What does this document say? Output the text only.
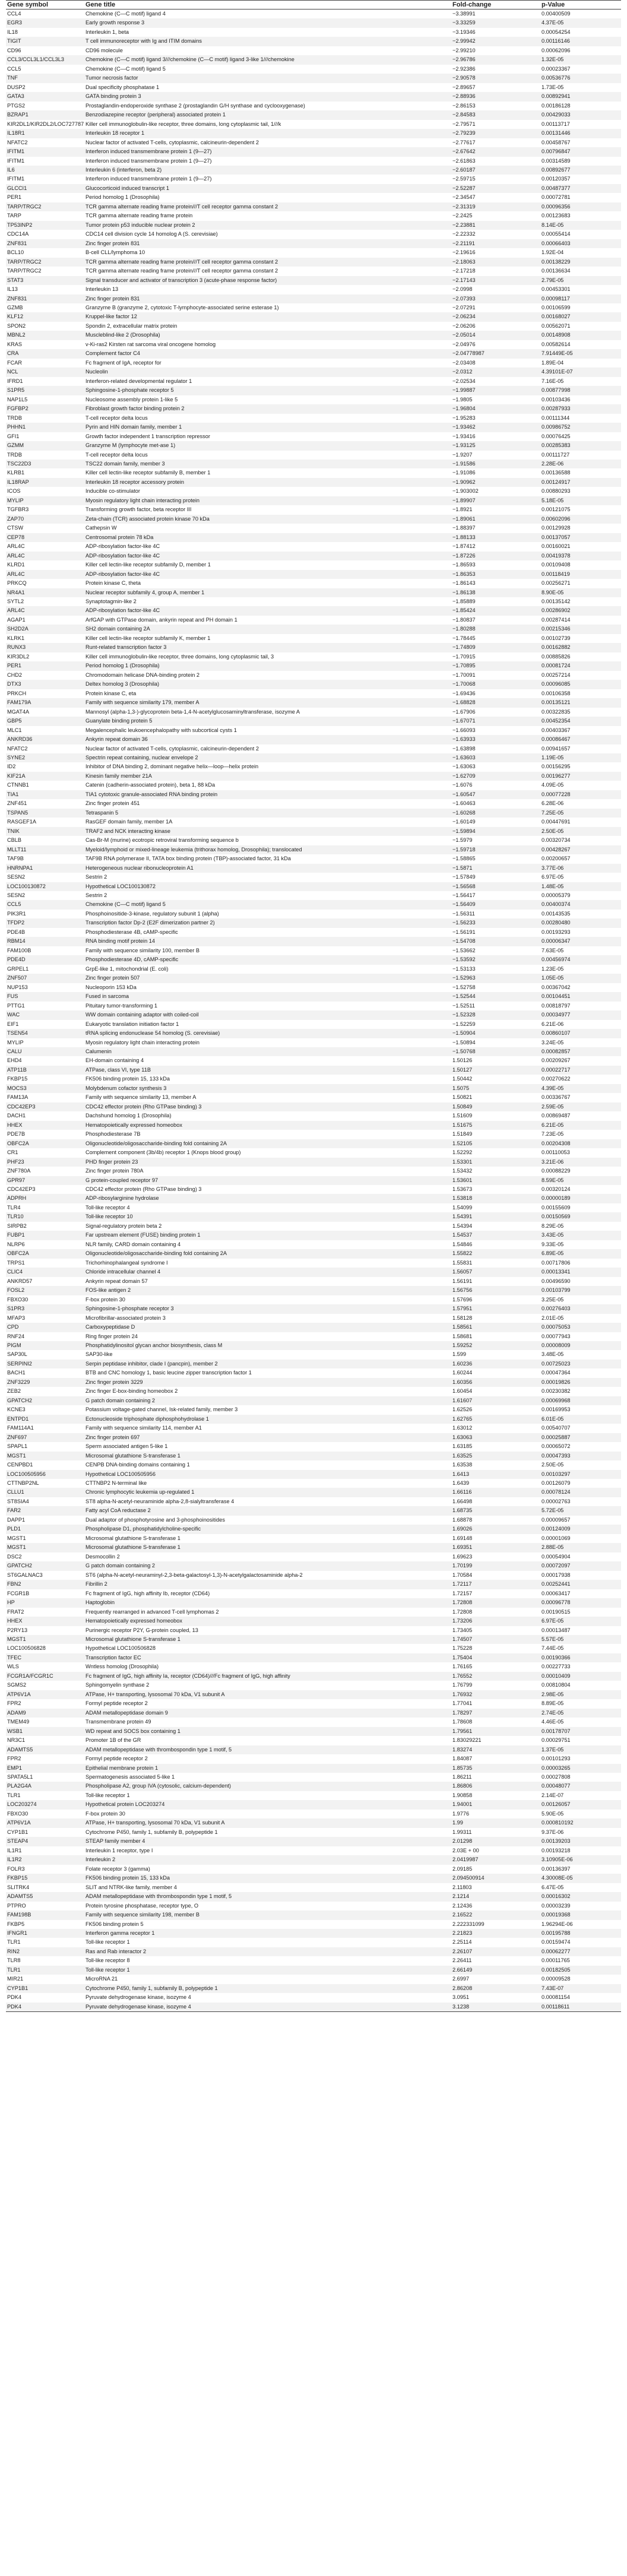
Gene symbol	Gene title	Fold-change	p-Value
CCL4	Chemokine (C—C motif) ligand 4	−3.38991	0.00400509
EGR3	Early growth response 3	−3.33259	4.37E-05
IL18	Interleukin 1, beta	−3.19346	0.00054254
TIGIT	T cell immunoreceptor with Ig and ITIM domains	−2.99942	0.00116146
CD96	CD96 molecule	−2.99210	0.00062096
CCL3/CCL3L1/CCL3L3	Chemokine (C—C motif) ligand 3///chemokine (C—C motif) ligand 3-like 1///chemokine	−2.96786	1.32E-05
CCL5	Chemokine (C—C motif) ligand 5	−2.92386	0.00023367
TNF	Tumor necrosis factor	−2.90578	0.00536776
DUSP2	Dual specificity phosphatase 1	−2.89657	1.73E-05
GATA3	GATA binding protein 3	−2.88936	0.00892941
PTGS2	Prostaglandin-endoperoxide synthase 2 (prostaglandin G/H synthase and cyclooxygenase)	−2.86153	0.00186128
BZRAP1	Benzodiazepine receptor (peripheral) associated protein 1	−2.84583	0.00429033
KIR2DL1/KIR2DL2/LOC727787	Killer cell immunoglobulin-like receptor, three domains, long cytoplasmic tail, 1///k	−2.79571	0.00113717
IL18R1	Interleukin 18 receptor 1	−2.79239	0.00131446
NFATC2	Nuclear factor of activated T-cells, cytoplasmic, calcineurin-dependent 2	−2.77617	0.00458767
IFITM1	Interferon induced transmembrane protein 1 (9—27)	−2.67642	0.00796847
IFITM1	Interferon induced transmembrane protein 1 (9—27)	−2.61863	0.00314589
IL6	Interleukin 6 (interferon, beta 2)	−2.60187	0.00892677
IFITM1	Interferon induced transmembrane protein 1 (9—27)	−2.59715	0.00120357
GLCCI1	Glucocorticoid induced transcript 1	−2.52287	0.00487377
PER1	Period homolog 1 (Drosophila)	−2.34547	0.00072781
TARP/TRGC2	TCR gamma alternate reading frame protein///T cell receptor gamma constant 2	−2.31319	0.00096356
TARP	TCR gamma alternate reading frame protein	−2.2425	0.00123683
TP53INP2	Tumor protein p53 inducible nuclear protein 2	−2.23881	8.14E-05
CDC14A	CDC14 cell division cycle 14 homolog A (S. cerevisiae)	−2.22332	0.00055414
ZNF831	Zinc finger protein 831	−2.21191	0.00066403
BCL10	B-cell CLL/lymphoma 10	−2.19616	1.92E-04
TARP/TRGC2	TCR gamma alternate reading frame protein///T cell receptor gamma constant 2	−2.18063	0.00138229
TARP/TRGC2	TCR gamma alternate reading frame protein///T cell receptor gamma constant 2	−2.17218	0.00136634
STAT3	Signal transducer and activator of transcription 3 (acute-phase response factor)	−2.17143	2.79E-05
IL13	Interleukin 13	−2.0998	0.00453301
ZNF831	Zinc finger protein 831	−2.07393	0.00098117
GZMB	Granzyme B (granzyme 2, cytotoxic T-lymphocyte-associated serine esterase 1)	−2.07291	0.00106599
KLF12	Kruppel-like factor 12	−2.06234	0.00168027
SPON2	Spondin 2, extracellular matrix protein	−2.06206	0.00562071
MBNL2	Muscleblind-like 2 (Drosophila)	−2.05014	0.00148908
KRAS	v-Ki-ras2 Kirsten rat sarcoma viral oncogene homolog	−2.04976	0.00582614
CRA	Complement factor C4	−2.04778987	7.91449E-05
FCAR	Fc fragment of IgA, receptor for	−2.03408	1.89E-04
NCL	Nucleolin	−2.0312	4.39101E-07
IFRD1	Interferon-related developmental regulator 1	−2.02534	7.16E-05
S1PR5	Sphingosine-1-phosphate receptor 5	−1.99887	0.00877998
NAP1L5	Nucleosome assembly protein 1-like 5	−1.9805	0.00103436
FGFBP2	Fibroblast growth factor binding protein 2	−1.96804	0.00287933
TRDB	T-cell receptor delta locus	−1.95283	0.00111344
PHHN1	Pyrin and HIN domain family, member 1	−1.93462	0.00986752
GFI1	Growth factor independent 1 transcription repressor	−1.93416	0.00076425
GZMM	Granzyme M (lymphocyte met-ase 1)	−1.93125	0.00285383
TRDB	T-cell receptor delta locus	−1.9207	0.00111727
TSC22D3	TSC22 domain family, member 3	−1.91586	2.28E-06
KLRB1	Killer cell lectin-like receptor subfamily B, member 1	−1.91086	0.00136588
IL18RAP	Interleukin 18 receptor accessory protein	−1.90962	0.00124917
ICOS	Inducible co-stimulator	−1.903002	0.00880293
MYLIP	Myosin regulatory light chain interacting protein	−1.89907	5.18E-05
TGFBR3	Transforming growth factor, beta receptor III	−1.8921	0.00121075
ZAP70	Zeta-chain (TCR) associated protein kinase 70 kDa	−1.89061	0.00602096
CTSW	Cathepsin W	−1.88397	0.00129928
CEP78	Centrosomal protein 78 kDa	−1.88133	0.00137057
ARL4C	ADP-ribosylation factor-like 4C	−1.87412	0.00160021
ARL4C	ADP-ribosylation factor-like 4C	−1.87226	0.00419378
KLRD1	Killer cell lectin-like receptor subfamily D, member 1	−1.86593	0.00109408
ARL4C	ADP-ribosylation factor-like 4C	−1.86353	0.00118419
PRKCQ	Protein kinase C, theta	−1.86143	0.00256271
NR4A1	Nuclear receptor subfamily 4, group A, member 1	−1.86138	8.90E-05
SYTL2	Synaptotagmin-like 2	−1.85889	0.00135142
ARL4C	ADP-ribosylation factor-like 4C	−1.85424	0.00286902
AGAP1	ArfGAP with GTPase domain, ankyrin repeat and PH domain 1	−1.80837	0.00287414
SH2D2A	SH2 domain containing 2A	−1.80288	0.00215346
KLRK1	Killer cell lectin-like receptor subfamily K, member 1	−1.78445	0.00102739
RUNX3	Runt-related transcription factor 3	−1.74809	0.00162882
KIR3DL2	Killer cell immunoglobulin-like receptor, three domains, long cytoplasmic tail, 3	−1.70915	0.00885826
PER1	Period homolog 1 (Drosophila)	−1.70895	0.00081724
CHD2	Chromodomain helicase DNA-binding protein 2	−1.70091	0.00257214
DTX3	Deltex homolog 3 (Drosophila)	−1.70068	0.00096085
PRKCH	Protein kinase C, eta	−1.69436	0.00106358
FAM179A	Family with sequence similarity 179, member A	−1.68828	0.00135121
MGAT4A	Mannosyl (alpha-1,3-)-glycoprotein beta-1,4-N-acetylglucosaminyltransferase, isozyme A	−1.67906	0.00322835
GBP5	Guanylate binding protein 5	−1.67071	0.00452354
MLC1	Megalencephalic leukoencephalopathy with subcortical cysts 1	−1.66093	0.00403367
ANKRD36	Ankyrin repeat domain 36	−1.63933	0.00086467
NFATC2	Nuclear factor of activated T-cells, cytoplasmic, calcineurin-dependent 2	−1.63898	0.00941657
SYNE2	Spectrin repeat containing, nuclear envelope 2	−1.63603	1.19E-05
ID2	Inhibitor of DNA binding 2, dominant negative helix—loop—helix protein	−1.63063	0.00156295
KIF21A	Kinesin family member 21A	−1.62709	0.00196277
CTNNB1	Catenin (cadherin-associated protein), beta 1, 88 kDa	−1.6076	4.09E-05
TIA1	TIA1 cytotoxic granule-associated RNA binding protein	−1.60547	0.00077228
ZNF451	Zinc finger protein 451	−1.60463	6.28E-06
TSPAN5	Tetraspanin 5	−1.60268	7.25E-05
RASGEF1A	RasGEF domain family, member 1A	−1.60149	0.00447691
TNIK	TRAF2 and NCK interacting kinase	−1.59894	2.50E-05
CBLB	Cas-Br-M (murine) ecotropic retroviral transforming sequence b	−1.5979	0.00320734
MLLT11	Myeloid/lymphoid or mixed-lineage leukemia (trithorax homolog, Drosophila); translocated	−1.59718	0.00428267
TAF9B	TAF9B RNA polymerase II, TATA box binding protein (TBP)-associated factor, 31 kDa	−1.58865	0.00200657
HNRNPA1	Heterogeneous nuclear ribonucleoprotein A1	−1.5871	3.77E-06
SESN2	Sestrin 2	−1.57849	6.97E-05
LOC100130872	Hypothetical LOC100130872	−1.56568	1.48E-05
SESN2	Sestrin 2	−1.56417	0.00005379
CCL5	Chemokine (C—C motif) ligand 5	−1.56409	0.00400374
PIK3R1	Phosphoinositide-3-kinase, regulatory subunit 1 (alpha)	−1.56311	0.00143535
TFDP2	Transcription factor Dp-2 (E2F dimerization partner 2)	−1.56233	0.00280480
PDE4B	Phosphodiesterase 4B, cAMP-specific	−1.56191	0.00193293
RBM14	RNA binding motif protein 14	−1.54708	0.00006347
FAM100B	Family with sequence similarity 100, member B	−1.53662	7.63E-05
PDE4D	Phosphodiesterase 4D, cAMP-specific	−1.53592	0.00456974
GRPEL1	GrpE-like 1, mitochondrial (E. coli)	−1.53133	1.23E-05
ZNF507	Zinc finger protein 507	−1.52963	1.05E-05
NUP153	Nucleoporin 153 kDa	−1.52758	0.00367042
FUS	Fused in sarcoma	−1.52544	0.00104451
PTTG1	Pituitary tumor-transforming 1	−1.52511	0.00818797
WAC	WW domain containing adaptor with coiled-coil	−1.52328	0.00034977
EIF1	Eukaryotic translation initiation factor 1	−1.52259	6.21E-06
TSEN54	tRNA splicing endonuclease 54 homolog (S. cerevisiae)	−1.50904	0.00860107
MYLIP	Myosin regulatory light chain interacting protein	−1.50894	3.24E-05
CALU	Calumenin	−1.50768	0.00082857
EHD4	EH-domain containing 4	1.50126	0.00209267
ATP11B	ATPase, class VI, type 11B	1.50127	0.00022717
FKBP15	FK506 binding protein 15, 133 kDa	1.50442	0.00270622
MOCS3	Molybdenum cofactor synthesis 3	1.5075	4.39E-05
FAM13A	Family with sequence similarity 13, member A	1.50821	0.00336767
CDC42EP3	CDC42 effector protein (Rho GTPase binding) 3	1.50849	2.59E-05
DACH1	Dachshund homolog 1 (Drosophila)	1.51609	0.00869487
HHEX	Hematopoietically expressed homeobox	1.51675	6.21E-05
PDE7B	Phosphodiesterase 7B	1.51849	7.23E-05
OBFC2A	Oligonucleotide/oligosaccharide-binding fold containing 2A	1.52105	0.00204308
CR1	Complement component (3b/4b) receptor 1 (Knops blood group)	1.52292	0.00110053
PHF23	PHD finger protein 23	1.53301	3.21E-06
ZNF780A	Zinc finger protein 780A	1.53432	0.00088229
GPR97	G protein-coupled receptor 97	1.53601	8.59E-05
CDC42EP3	CDC42 effector protein (Rho GTPase binding) 3	1.53673	0.00320124
ADPRH	ADP-ribosylarginine hydrolase	1.53818	0.00000189
TLR4	Toll-like receptor 4	1.54099	0.00155609
TLR10	Toll-like receptor 10	1.54391	0.00150569
SIRPB2	Signal-regulatory protein beta 2	1.54394	8.29E-05
FUBP1	Far upstream element (FUSE) binding protein 1	1.54537	3.43E-05
NLRP6	NLR family, CARD domain containing 4	1.54846	9.33E-05
OBFC2A	Oligonucleotide/oligosaccharide-binding fold containing 2A	1.55822	6.89E-05
TRPS1	Trichorhinophalangeal syndrome I	1.55831	0.00717806
CLIC4	Chloride intracellular channel 4	1.56057	0.00013341
ANKRD57	Ankyrin repeat domain 57	1.56191	0.00496590
FOSL2	FOS-like antigen 2	1.56756	0.00103799
FBXO30	F-box protein 30	1.57696	3.25E-05
S1PR3	Sphingosine-1-phosphate receptor 3	1.57951	0.00276403
MFAP3	Microfibrillar-associated protein 3	1.58128	2.01E-05
CPD	Carboxypeptidase D	1.58561	0.00075053
RNF24	Ring finger protein 24	1.58681	0.00077943
PIGM	Phosphatidylinositol glycan anchor biosynthesis, class M	1.59252	0.00008009
SAP30L	SAP30-like	1.599	3.48E-05
SERPINI2	Serpin peptidase inhibitor, clade I (pancpin), member 2	1.60236	0.00725023
BACH1	BTB and CNC homology 1, basic leucine zipper transcription factor 1	1.60244	0.00047364
ZNF3229	Zinc finger protein 3229	1.60356	0.00019826
ZEB2	Zinc finger E-box-binding homeobox 2	1.60454	0.00230382
GPATCH2	G patch domain containing 2	1.61607	0.00069968
KCNE3	Potassium voltage-gated channel, Isk-related family, member 3	1.62526	0.00169953
ENTPD1	Ectonucleoside triphosphate diphosphohydrolase 1	1.62765	6.01E-05
FAM114A1	Family with sequence similarity 114, member A1	1.63012	0.00540707
ZNF697	Zinc finger protein 697	1.63063	0.00025887
SPAPL1	Sperm associated antigen 5-like 1	1.63185	0.00065072
MGST1	Microsomal glutathione S-transferase 1	1.63525	0.00047393
CENPBD1	CENPB DNA-binding domains containing 1	1.63538	2.50E-05
LOC100505956	Hypothetical LOC100505956	1.6413	0.00103297
CTTNBP2NL	CTTNBP2 N-terminal like	1.6439	0.00126079
CLLU1	Chronic lymphocytic leukemia up-regulated 1	1.66116	0.00078124
ST8SIA4	ST8 alpha-N-acetyl-neuraminide alpha-2,8-sialyltransferase 4	1.66498	0.00002763
FAR2	Fatty acyl CoA reductase 2	1.68735	5.72E-05
DAPP1	Dual adaptor of phosphotyrosine and 3-phosphoinositides	1.68878	0.00009657
PLD1	Phospholipase D1, phosphatidylcholine-specific	1.69026	0.00124009
MGST1	Microsomal glutathione S-transferase 1	1.69148	0.00001069
MGST1	Microsomal glutathione S-transferase 1	1.69351	2.88E-05
DSC2	Desmocollin 2	1.69623	0.00054904
GPATCH2	G patch domain containing 2	1.70199	0.00072097
ST6GALNAC3	ST6 (alpha-N-acetyl-neuraminyl-2,3-beta-galactosyl-1,3)-N-acetylgalactosaminide alpha-2	1.70584	0.00017938
FBN2	Fibrillin 2	1.72117	0.00252441
FCGR1B	Fc fragment of IgG, high affinity Ib, receptor (CD64)	1.72157	0.00063417
HP	Haptoglobin	1.72808	0.00096778
FRAT2	Frequently rearranged in advanced T-cell lymphomas 2	1.72808	0.00190515
HHEX	Hematopoietically expressed homeobox	1.73206	6.97E-05
P2RY13	Purinergic receptor P2Y, G-protein coupled, 13	1.73405	0.00013487
MGST1	Microsomal glutathione S-transferase 1	1.74507	5.57E-05
LOC100506828	Hypothetical LOC100506828	1.75228	7.44E-05
TFEC	Transcription factor EC	1.75404	0.00190366
WLS	Wntless homolog (Drosophila)	1.76165	0.00227733
FCGR1A/FCGR1C	Fc fragment of IgG, high affinity Ia, receptor (CD64)///Fc fragment of IgG, high affinity	1.76552	0.00010409
SGMS2	Sphingomyelin synthase 2	1.76799	0.00810804
ATP6V1A	ATPase, H+ transporting, lysosomal 70 kDa, V1 subunit A	1.76932	2.98E-05
FPR2	Formyl peptide receptor 2	1.77041	8.89E-05
ADAM9	ADAM metallopeptidase domain 9	1.78297	2.74E-05
TMEM49	Transmembrane protein 49	1.78608	4.46E-05
WSB1	WD repeat and SOCS box containing 1	1.79561	0.00178707
NR3C1	Promoter 1B of the GR	1.83029221	0.00029751
ADAMTS5	ADAM metallopeptidase with thrombospondin type 1 motif, 5	1.83274	1.37E-05
FPR2	Formyl peptide receptor 2	1.84087	0.00101293
EMP1	Epithelial membrane protein 1	1.85735	0.00003265
SPATA5L1	Spermatogenesis associated 5-like 1	1.86211	0.00027808
PLA2G4A	Phospholipase A2, group IVA (cytosolic, calcium-dependent)	1.86806	0.00048077
TLR1	Toll-like receptor 1	1.90858	2.14E-07
LOC203274	Hypothetical protein LOC203274	1.94001	0.00126057
FBXO30	F-box protein 30	1.9776	5.90E-05
ATP6V1A	ATPase, H+ transporting, lysosomal 70 kDa, V1 subunit A	1.99	0.000810192
CYP1B1	Cytochrome P450, family 1, subfamily B, polypeptide 1	1.99311	9.37E-06
STEAP4	STEAP family member 4	2.01298	0.00139203
IL1R1	Interleukin 1 receptor, type I	2.03E + 00	0.00193218
IL1R2	Interleukin 2	2.0419987	3.10905E-06
FOLR3	Folate receptor 3 (gamma)	2.09185	0.00136397
FKBP15	FK506 binding protein 15, 133 kDa	2.094500914	4.30008E-05
SLITRK4	SLIT and NTRK-like family, member 4	2.11803	6.47E-05
ADAMTS5	ADAM metallopeptidase with thrombospondin type 1 motif, 5	2.1214	0.00016302
PTPRO	Protein tyrosine phosphatase, receptor type, O	2.12436	0.00003239
FAM198B	Family with sequence similarity 198, member B	2.16522	0.00019368
FKBP5	FK506 binding protein 5	2.222331099	1.96294E-06
IFNGR1	Interferon gamma receptor 1	2.21823	0.00195788
TLR1	Toll-like receptor 1	2.25114	0.00159474
RIN2	Ras and Rab interactor 2	2.26107	0.00062277
TLR8	Toll-like receptor 8	2.26411	0.00011765
TLR1	Toll-like receptor 1	2.66149	0.00182505
MIR21	MicroRNA 21	2.6997	0.00009528
CYP1B1	Cytochrome P450, family 1, subfamily B, polypeptide 1	2.86208	7.43E-07
PDK4	Pyruvate dehydrogenase kinase, isozyme 4	3.0951	0.00081154
PDK4	Pyruvate dehydrogenase kinase, isozyme 4	3.1238	0.00118611
